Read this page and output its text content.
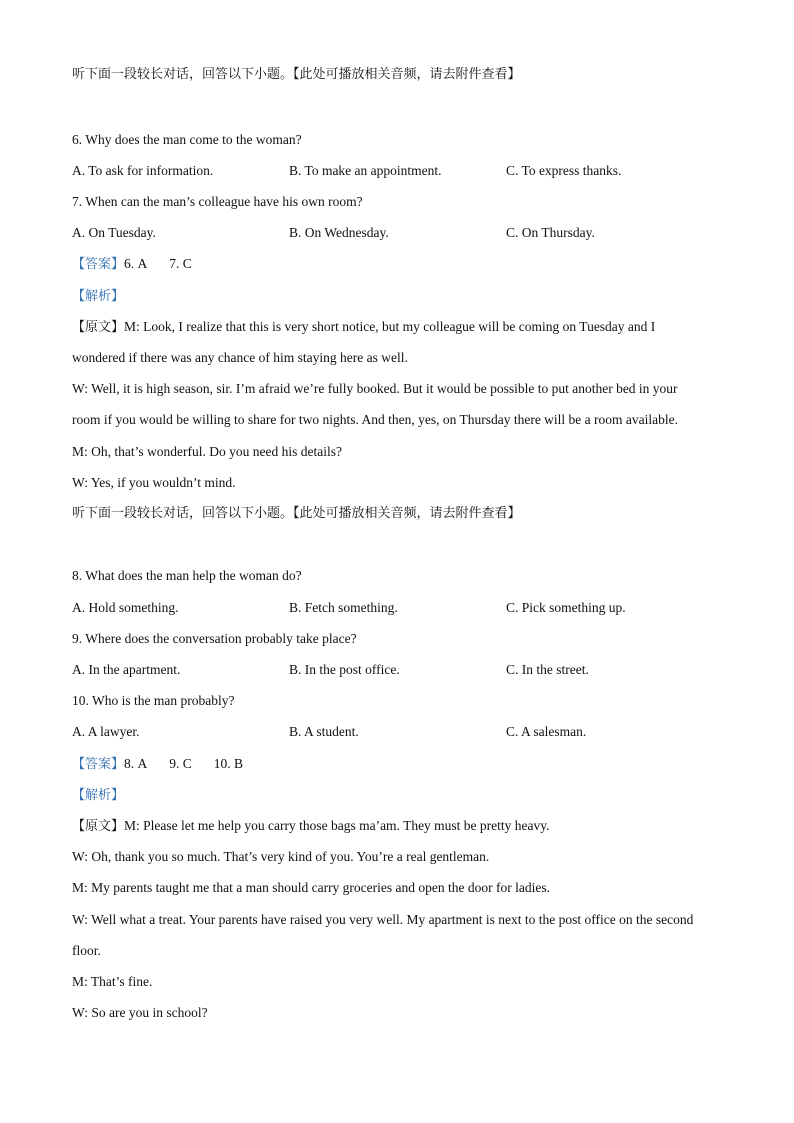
听下面一段较长对话，回答以下小题。【此处可播放相关音频，请去附件查看】
6. Why does the man come to the woman?
A. To ask for information.	B. To make an appointment.	C. To express thanks.
7. When can the man’s colleague have his own room?
A. On Tuesday.	B. On Wednesday.	C. On Thursday.
【答案】6. A 7. C
【解析】
【原文】M: Look, I realize that this is very short notice, but my colleague will be coming on Tuesday and I
wondered if there was any chance of him staying here as well.
W: Well, it is high season, sir. I’m afraid we’re fully booked. But it would be possible to put another bed in your
room if you would be willing to share for two nights. And then, yes, on Thursday there will be a room available.
M: Oh, that’s wonderful. Do you need his details?
W: Yes, if you wouldn’t mind.
听下面一段较长对话，回答以下小题。【此处可播放相关音频，请去附件查看】
8. What does the man help the woman do?
A. Hold something.	B. Fetch something.	C. Pick something up.
9. Where does the conversation probably take place?
A. In the apartment.	B. In the post office.	C. In the street.
10. Who is the man probably?
A. A lawyer.	B. A student.	C. A salesman.
【答案】8. A 9. C 10. B
【解析】
【原文】M: Please let me help you carry those bags ma’am. They must be pretty heavy.
W: Oh, thank you so much. That’s very kind of you. You’re a real gentleman.
M: My parents taught me that a man should carry groceries and open the door for ladies.
W: Well what a treat. Your parents have raised you very well. My apartment is next to the post office on the second
floor.
M: That’s fine.
W: So are you in school?
